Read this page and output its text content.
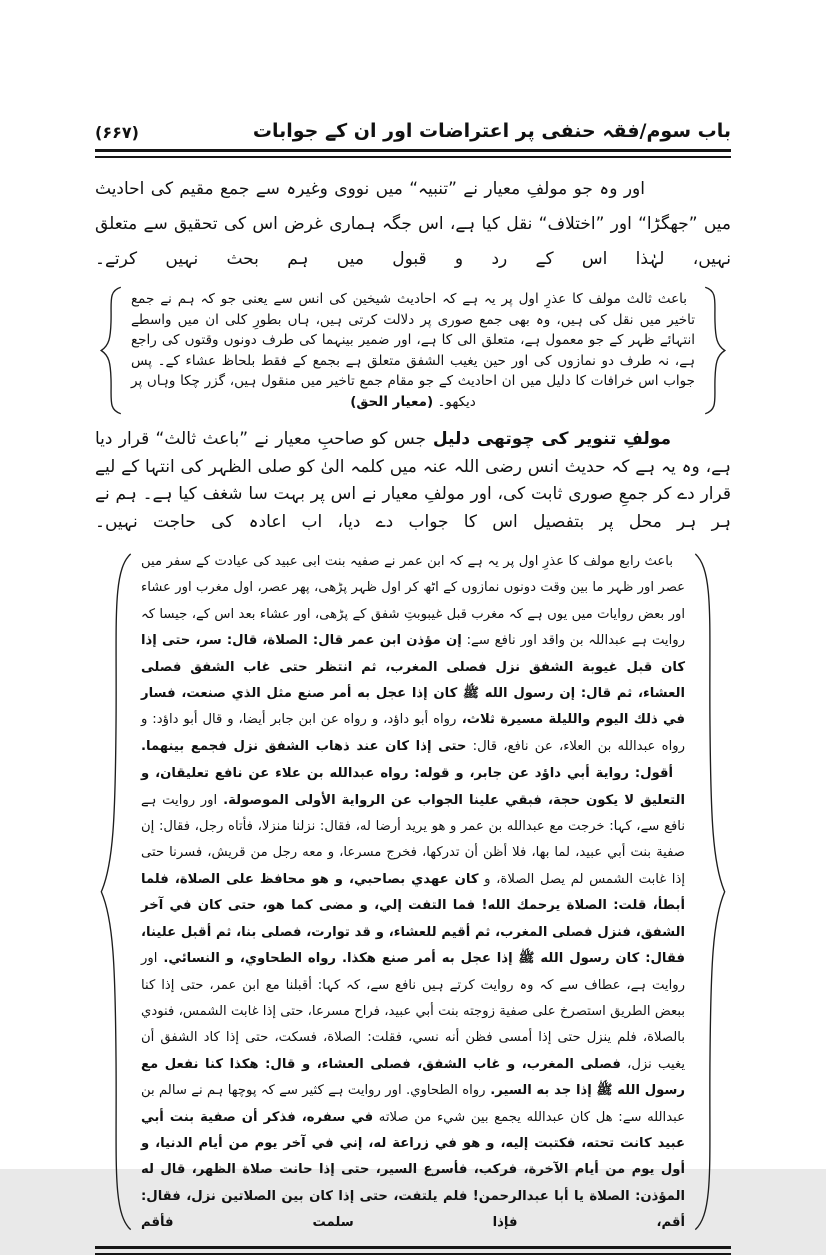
باب سوم/فقہ حنفی پر اعتراضات اور ان کے جوابات
(۶۶۷)

اور وہ جو مولفِ معیار نے ”تنبیہ“ میں نووی وغیرہ سے جمع مقیم کی احادیث میں ”جھگڑا“ اور ”اختلاف“ نقل کیا ہے، اس جگہ ہماری غرض اس کی تحقیق سے متعلق نہیں، لہٰذا اس کے رد و قبول میں ہم بحث نہیں کرتے۔

باعث ثالث مولف کا عذرِ اول پر یہ ہے کہ احادیث شیخین کی انس سے یعنی جو کہ ہم نے جمع تاخیر میں نقل کی ہیں، وہ بھی جمع صوری پر دلالت کرتی ہیں، ہاں بطورِ کلی ان میں واسطے انتہائے ظہر کے جو معمول ہے، متعلق الی کا ہے، اور ضمیر بینہما کی طرف دونوں وقتوں کی راجع ہے، نہ طرف دو نمازوں کی اور حین یغیب الشفق متعلق ہے بجمع کے فقط بلحاظ عشاء کے۔ پس جواب اس خرافات کا دلیل میں ان احادیث کے جو مقام جمع تاخیر میں منقول ہیں، گزر چکا وہاں پر دیکھو۔ (معیار الحق)

مولفِ تنویر کی چوتھی دلیل جس کو صاحبِ معیار نے ”باعث ثالث“ قرار دیا ہے، وہ یہ ہے کہ حدیث انس رضی اللہ عنہ میں کلمہ الیٰ کو صلی الظہر کی انتہا کے لیے قرار دے کر جمعِ صوری ثابت کی، اور مولفِ معیار نے اس پر بہت سا شغف کیا ہے۔ ہم نے ہر ہر محل پر بتفصیل اس کا جواب دے دیا، اب اعادہ کی حاجت نہیں۔

باعث رابع مولف کا عذرِ اول پر یہ ہے کہ ابن عمر نے صفیہ بنت ابی عبید کی عیادت کے سفر میں عصر اور ظہر ما بین وقت دونوں نمازوں کے اٹھ کر اول ظہر پڑھی، پھر عصر، اول مغرب اور عشاء اور بعض روایات میں یوں ہے کہ مغرب قبل غیبوبتِ شفق کے پڑھی، اور عشاء بعد اس کے، جیسا کہ روایت ہے عبداللہ بن واقد اور نافع سے: إن مؤذن ابن عمر قال: الصلاة، قال: سر، حتى إذا كان قبل غيوبة الشفق نزل فصلى المغرب، ثم انتظر حتى غاب الشفق فصلى العشاء، ثم قال: إن رسول الله ﷺ كان إذا عجل به أمر صنع مثل الذي صنعت، فسار في ذلك اليوم والليلة مسيرة ثلاث، رواه أبو داؤد، و رواه عن ابن جابر أيضا، و قال أبو داؤد: و رواه عبدالله بن العلاء، عن نافع، قال: حتى إذا كان عند ذهاب الشفق نزل فجمع بينهما.

أقول: رواية أبي داؤد عن جابر، و قوله: رواه عبدالله بن علاء عن نافع تعليقان، و التعليق لا يكون حجة، فبقي علينا الجواب عن الرواية الأولى الموصولة. اور روایت ہے نافع سے، کہا: خرجت مع عبدالله بن عمر و هو يريد أرضا له، فقال: نزلنا منزلا، فأتاه رجل، فقال: إن صفية بنت أبي عبيد، لما بها، فلا أظن أن تدركها، فخرج مسرعا، و معه رجل من قريش، فسرنا حتى إذا غابت الشمس لم يصل الصلاة، و كان عهدي بصاحبي، و هو محافظ على الصلاة، فلما أبطأ، قلت: الصلاة يرحمك الله! فما التفت إلي، و مضى كما هو، حتى كان في آخر الشفق، فنزل فصلى المغرب، ثم أقيم للعشاء، و قد توارت، فصلى بنا، ثم أقبل علينا، فقال: كان رسول الله ﷺ إذا عجل به أمر صنع هكذا. رواه الطحاوي، و النسائي. اور روایت ہے، عطاف سے کہ وہ روایت کرتے ہیں نافع سے، کہ کہا: أقبلنا مع ابن عمر، حتى إذا كنا ببعض الطريق استصرخ على صفية زوجته بنت أبي عبيد، فراح مسرعا، حتى إذا غابت الشمس، فنودي بالصلاة، فلم ينزل حتى إذا أمسى فظن أنه نسي، فقلت: الصلاة، فسكت، حتى إذا كاد الشفق أن يغيب نزل، فصلى المغرب، و غاب الشفق، فصلى العشاء، و قال: هكذا كنا نفعل مع رسول الله ﷺ إذا جد به السير. رواه الطحاوي. اور روایت ہے کثیر سے کہ پوچھا ہم نے سالم بن عبدالله سے: هل كان عبدالله يجمع بين شيء من صلاته في سفره، فذكر أن صفية بنت أبي عبيد كانت تحته، فكتبت إليه، و هو في زراعة له، إني في آخر يوم من أيام الدنيا، و أول يوم من أيام الآخرة، فركب، فأسرع السير، حتى إذا حانت صلاة الظهر، قال له المؤذن: الصلاة يا أبا عبدالرحمن! فلم يلتفت، حتى إذا كان بين الصلاتين نزل، فقال: أقم، فإذا سلمت فأقم
